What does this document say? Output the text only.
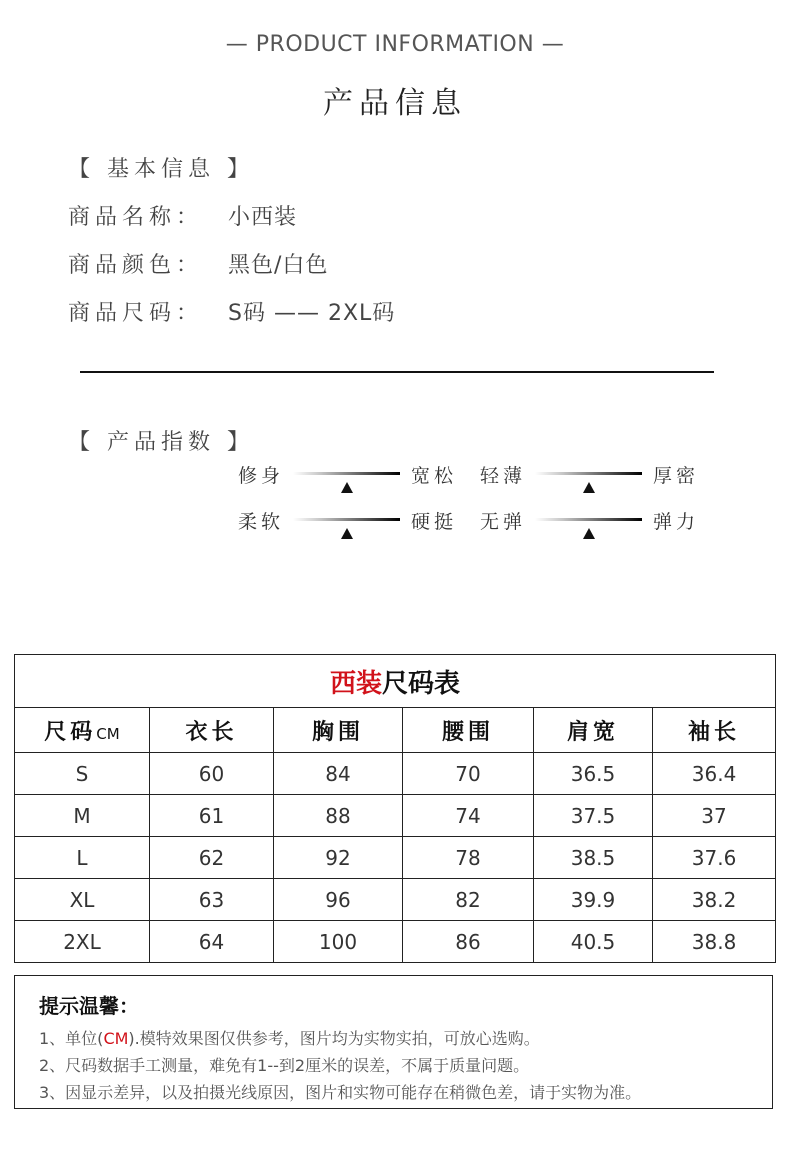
— PRODUCT INFORMATION —
产品信息
【 基本信息 】
商品名称： 小西装
商品颜色： 黑色/白色
商品尺码： S码 —— 2XL码
【 产品指数 】
修身	宽松 轻薄	厚密
柔软	硬挺 无弹	弹力
西装尺码表					
尺码CM	衣长	胸围	腰围	肩宽	袖长
S	60	84	70	36.5	36.4
M	61	88	74	37.5	37
L	62	92	78	38.5	37.6
XL	63	96	82	39.9	38.2
2XL	64	100	86	40.5	38.8
提示温馨：
1、单位(CM).模特效果图仅供参考，图片均为实物实拍，可放心选购。
2、尺码数据手工测量，难免有1--到2厘米的误差，不属于质量问题。
3、因显示差异，以及拍摄光线原因，图片和实物可能存在稍微色差，请于实物为准。
